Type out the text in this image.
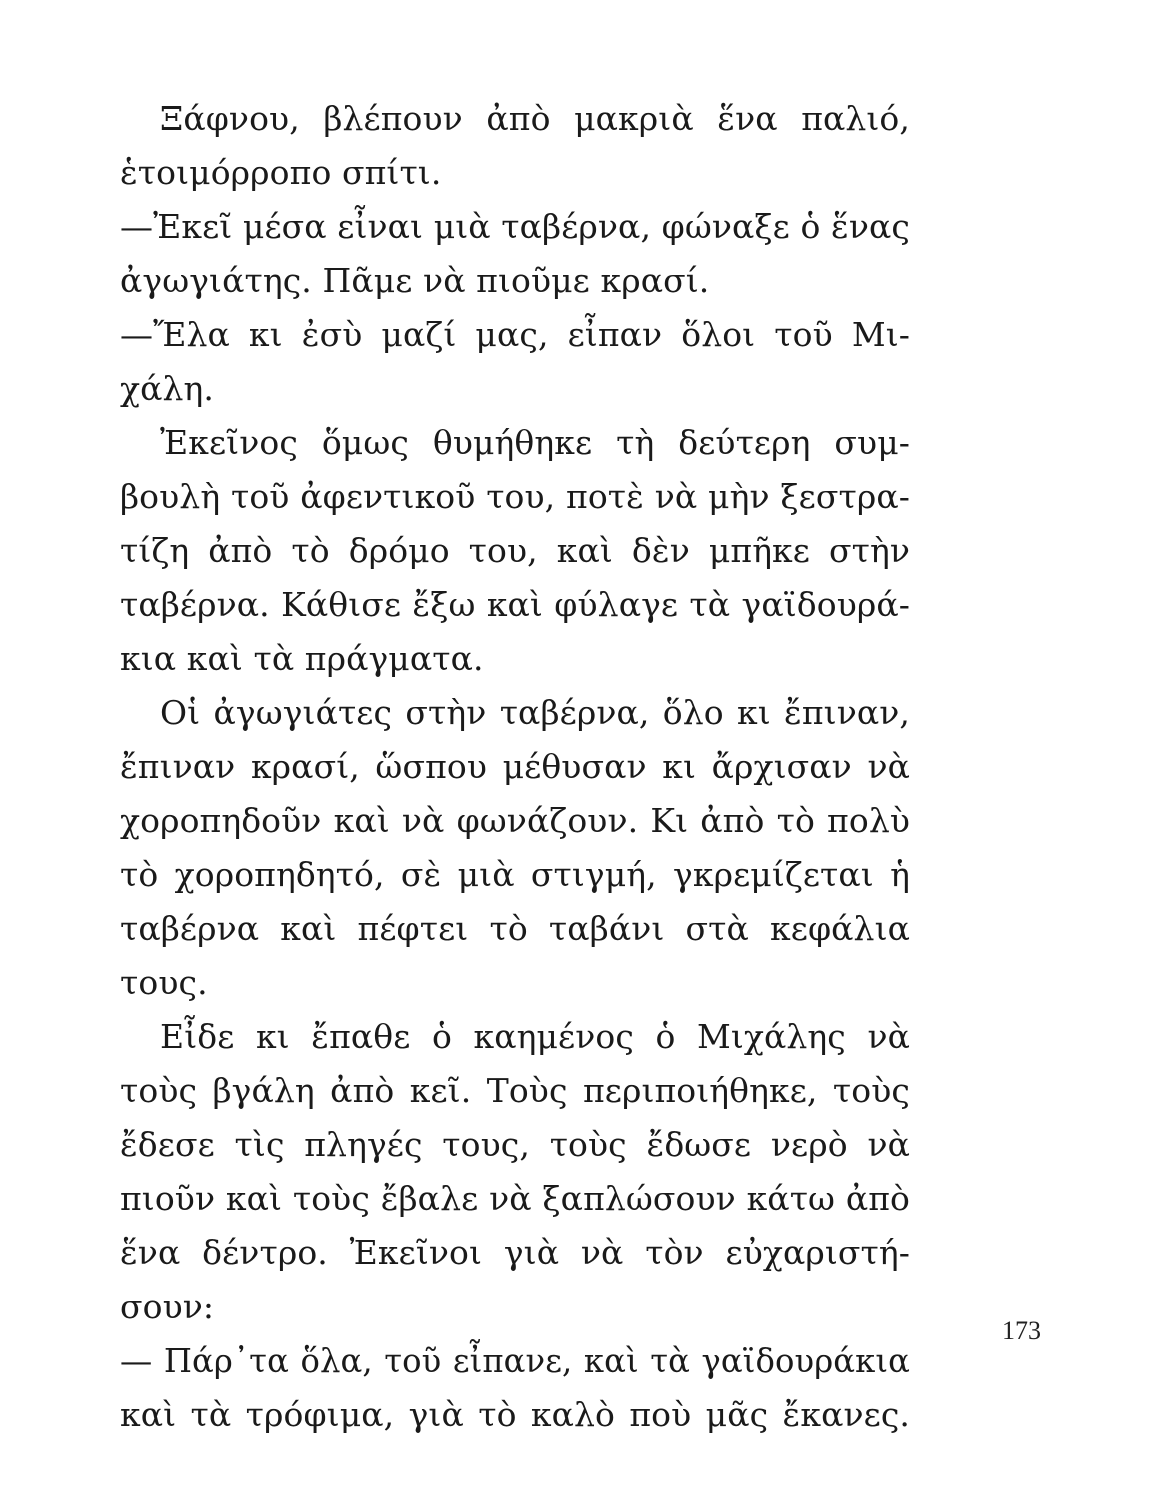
Ξάφνου, βλέπουν ἀπὸ μακριὰ ἕνα παλιό,
ἑτοιμόρροπο σπίτι.
—Ἐκεῖ μέσα εἶναι μιὰ ταβέρνα, φώναξε ὁ ἕνας
ἀγωγιάτης. Πᾶμε νὰ πιοῦμε κρασί.
—Ἔλα κι ἐσὺ μαζί μας, εἶπαν ὅλοι τοῦ Μι-
χάλη.
Ἐκεῖνος ὅμως θυμήθηκε τὴ δεύτερη συμ-
βουλὴ τοῦ ἀφεντικοῦ του, ποτὲ νὰ μὴν ξεστρα-
τίζη ἀπὸ τὸ δρόμο του, καὶ δὲν μπῆκε στὴν
ταβέρνα. Κάθισε ἔξω καὶ φύλαγε τὰ γαϊδουρά-
κια καὶ τὰ πράγματα.
Οἱ ἀγωγιάτες στὴν ταβέρνα, ὅλο κι ἔπιναν,
ἔπιναν κρασί, ὥσπου μέθυσαν κι ἄρχισαν νὰ
χοροπηδοῦν καὶ νὰ φωνάζουν. Κι ἀπὸ τὸ πολὺ
τὸ χοροπηδητό, σὲ μιὰ στιγμή, γκρεμίζεται ἡ
ταβέρνα καὶ πέφτει τὸ ταβάνι στὰ κεφάλια
τους.
Εἶδε κι ἔπαθε ὁ καημένος ὁ Μιχάλης νὰ
τοὺς βγάλη ἀπὸ κεῖ. Τοὺς περιποιήθηκε, τοὺς
ἔδεσε τὶς πληγές τους, τοὺς ἔδωσε νερὸ νὰ
πιοῦν καὶ τοὺς ἔβαλε νὰ ξαπλώσουν κάτω ἀπὸ
ἕνα δέντρο. Ἐκεῖνοι γιὰ νὰ τὸν εὐχαριστή-
σουν:
— Πάρ᾽τα ὅλα, τοῦ εἶπανε, καὶ τὰ γαϊδουράκια
καὶ τὰ τρόφιμα, γιὰ τὸ καλὸ ποὺ μᾶς ἔκανες.
173
